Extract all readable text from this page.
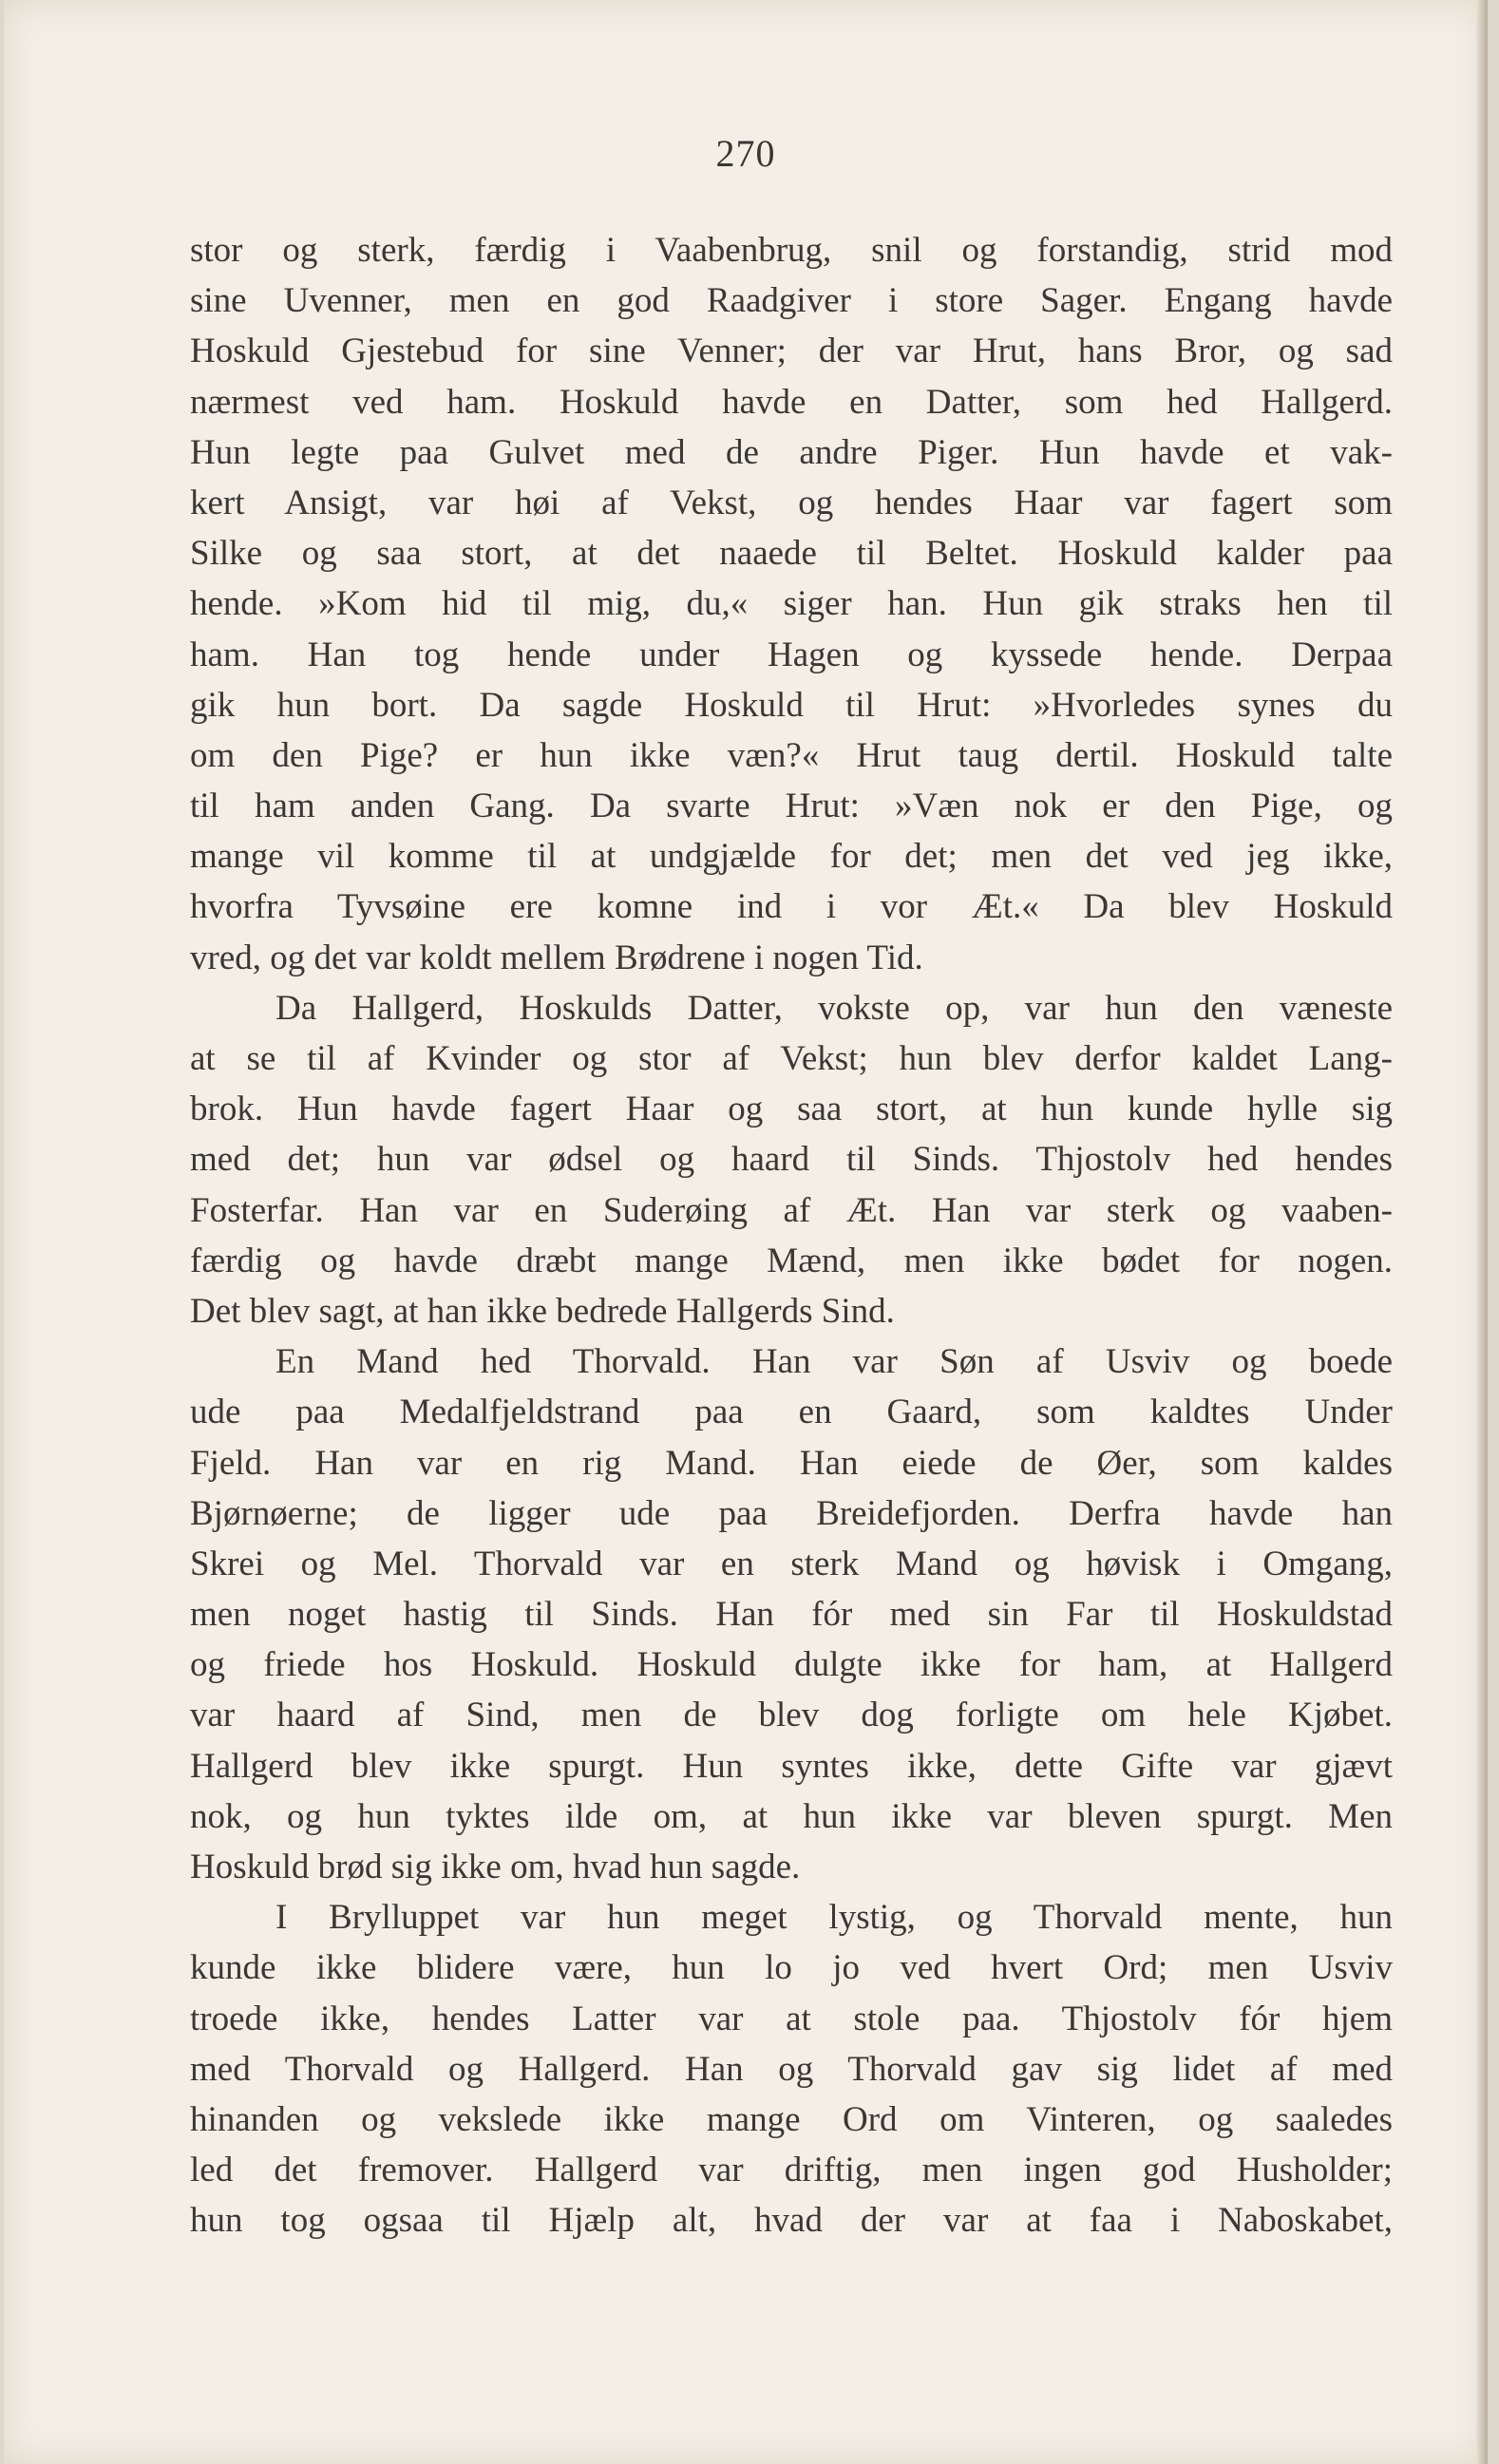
270
stor og sterk, færdig i Vaabenbrug, snil og forstandig, strid mod
sine Uvenner, men en god Raadgiver i store Sager. Engang havde
Hoskuld Gjestebud for sine Venner; der var Hrut, hans Bror, og sad
nærmest ved ham. Hoskuld havde en Datter, som hed Hallgerd.
Hun legte paa Gulvet med de andre Piger. Hun havde et vak-
kert Ansigt, var høi af Vekst, og hendes Haar var fagert som
Silke og saa stort, at det naaede til Beltet. Hoskuld kalder paa
hende. »Kom hid til mig, du,« siger han. Hun gik straks hen til
ham. Han tog hende under Hagen og kyssede hende. Derpaa
gik hun bort. Da sagde Hoskuld til Hrut: »Hvorledes synes du
om den Pige? er hun ikke væn?« Hrut taug dertil. Hoskuld talte
til ham anden Gang. Da svarte Hrut: »Væn nok er den Pige, og
mange vil komme til at undgjælde for det; men det ved jeg ikke,
hvorfra Tyvsøine ere komne ind i vor Æt.« Da blev Hoskuld
vred, og det var koldt mellem Brødrene i nogen Tid.
Da Hallgerd, Hoskulds Datter, vokste op, var hun den væneste
at se til af Kvinder og stor af Vekst; hun blev derfor kaldet Lang-
brok. Hun havde fagert Haar og saa stort, at hun kunde hylle sig
med det; hun var ødsel og haard til Sinds. Thjostolv hed hendes
Fosterfar. Han var en Suderøing af Æt. Han var sterk og vaaben-
færdig og havde dræbt mange Mænd, men ikke bødet for nogen.
Det blev sagt, at han ikke bedrede Hallgerds Sind.
En Mand hed Thorvald. Han var Søn af Usviv og boede
ude paa Medalfjeldstrand paa en Gaard, som kaldtes Under
Fjeld. Han var en rig Mand. Han eiede de Øer, som kaldes
Bjørnøerne; de ligger ude paa Breidefjorden. Derfra havde han
Skrei og Mel. Thorvald var en sterk Mand og høvisk i Omgang,
men noget hastig til Sinds. Han fór med sin Far til Hoskuldstad
og friede hos Hoskuld. Hoskuld dulgte ikke for ham, at Hallgerd
var haard af Sind, men de blev dog forligte om hele Kjøbet.
Hallgerd blev ikke spurgt. Hun syntes ikke, dette Gifte var gjævt
nok, og hun tyktes ilde om, at hun ikke var bleven spurgt. Men
Hoskuld brød sig ikke om, hvad hun sagde.
I Brylluppet var hun meget lystig, og Thorvald mente, hun
kunde ikke blidere være, hun lo jo ved hvert Ord; men Usviv
troede ikke, hendes Latter var at stole paa. Thjostolv fór hjem
med Thorvald og Hallgerd. Han og Thorvald gav sig lidet af med
hinanden og vekslede ikke mange Ord om Vinteren, og saaledes
led det fremover. Hallgerd var driftig, men ingen god Husholder;
hun tog ogsaa til Hjælp alt, hvad der var at faa i Naboskabet,
